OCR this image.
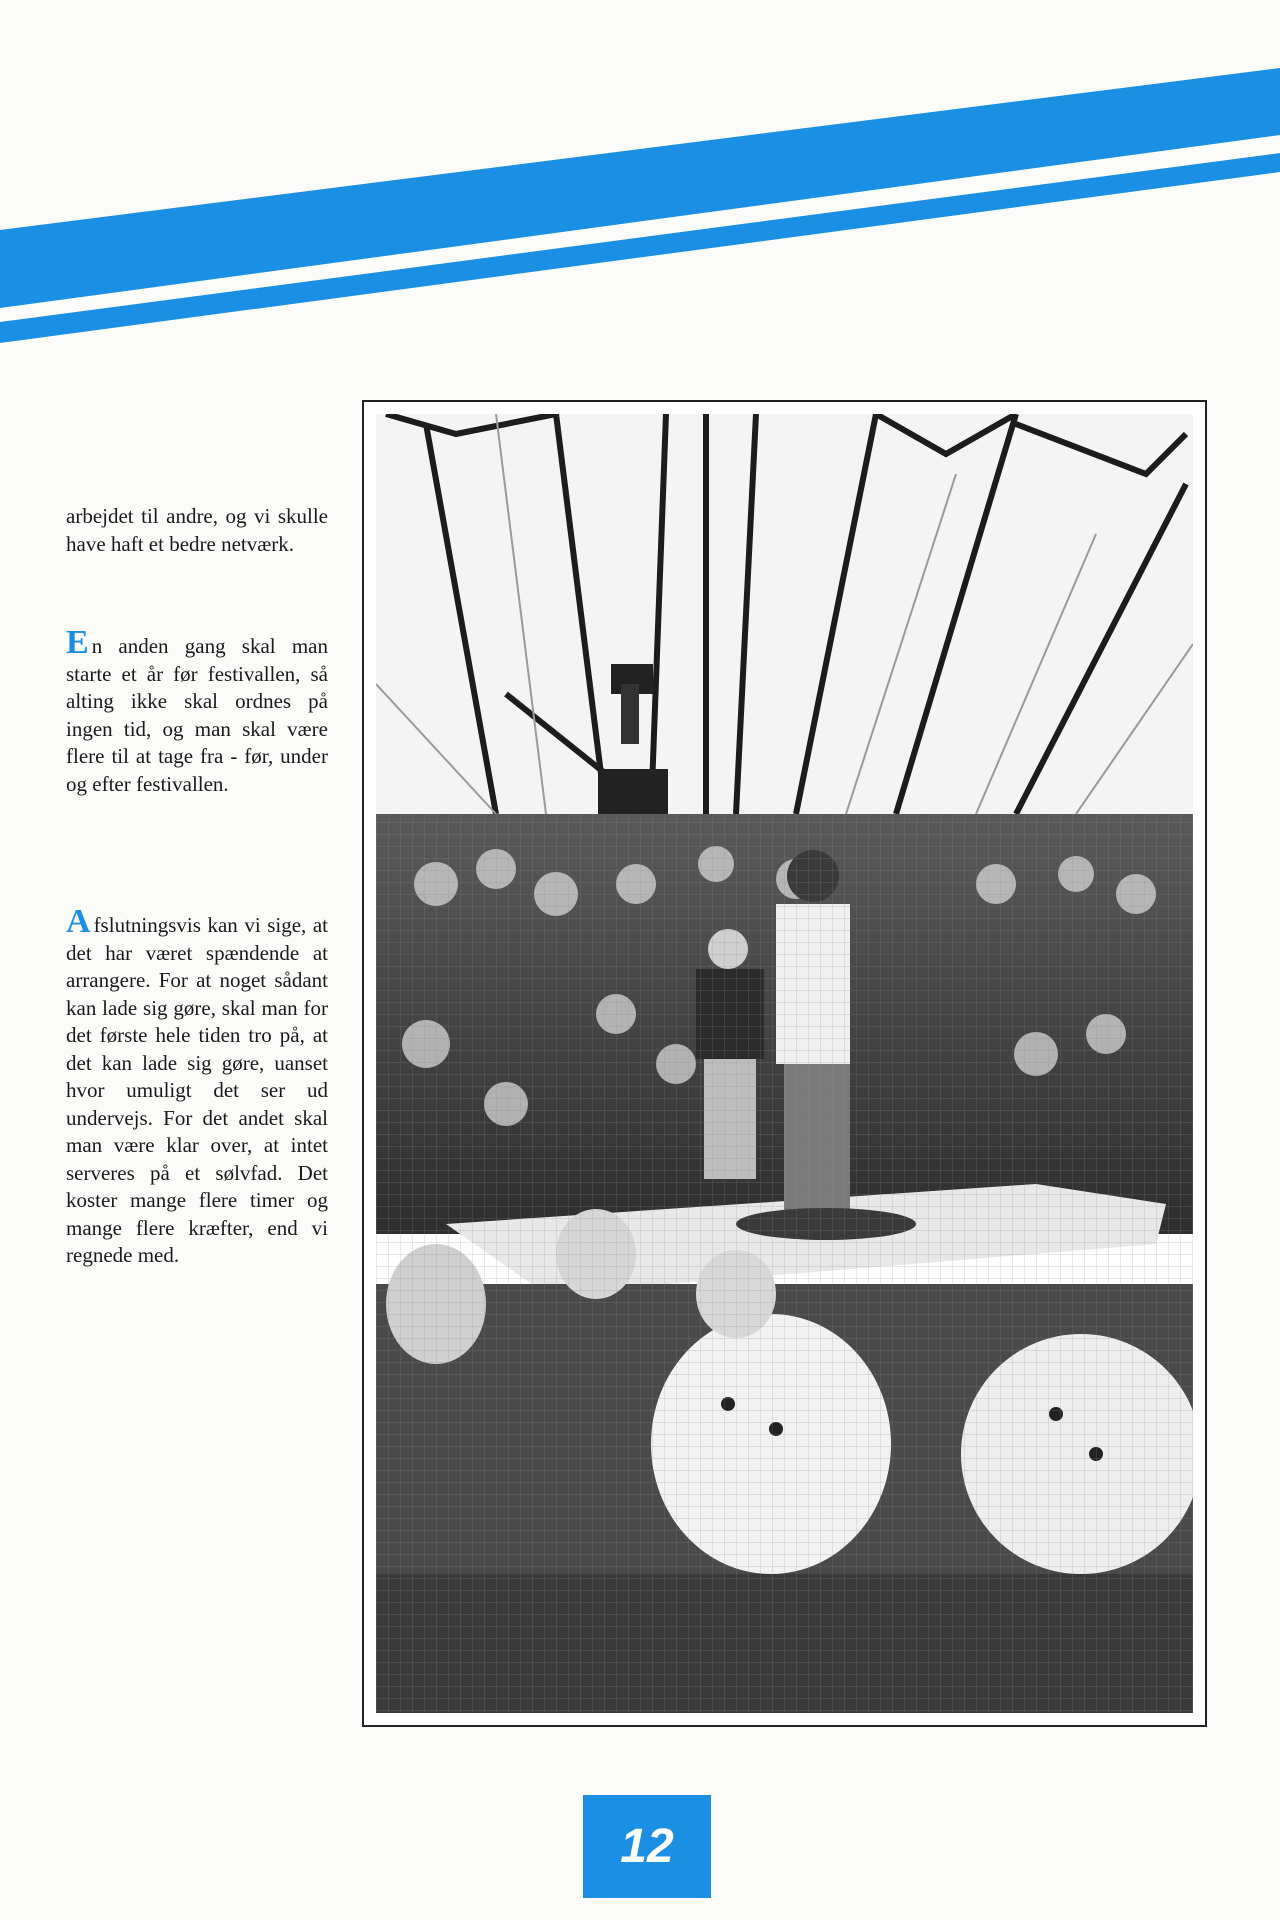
arbejdet til andre, og vi skulle have haft et bedre netværk.

En anden gang skal man starte et år før festivallen, så alting ikke skal ordnes på ingen tid, og man skal være flere til at tage fra - før, under og efter festivallen.

Afslutningsvis kan vi sige, at det har været spændende at arrangere. For at noget sådant kan lade sig gøre, skal man for det første hele tiden tro på, at det kan lade sig gøre, uanset hvor umuligt det ser ud undervejs. For det andet skal man være klar over, at intet serveres på et sølvfad. Det koster mange flere timer og mange flere kræfter, end vi regnede med.

12
